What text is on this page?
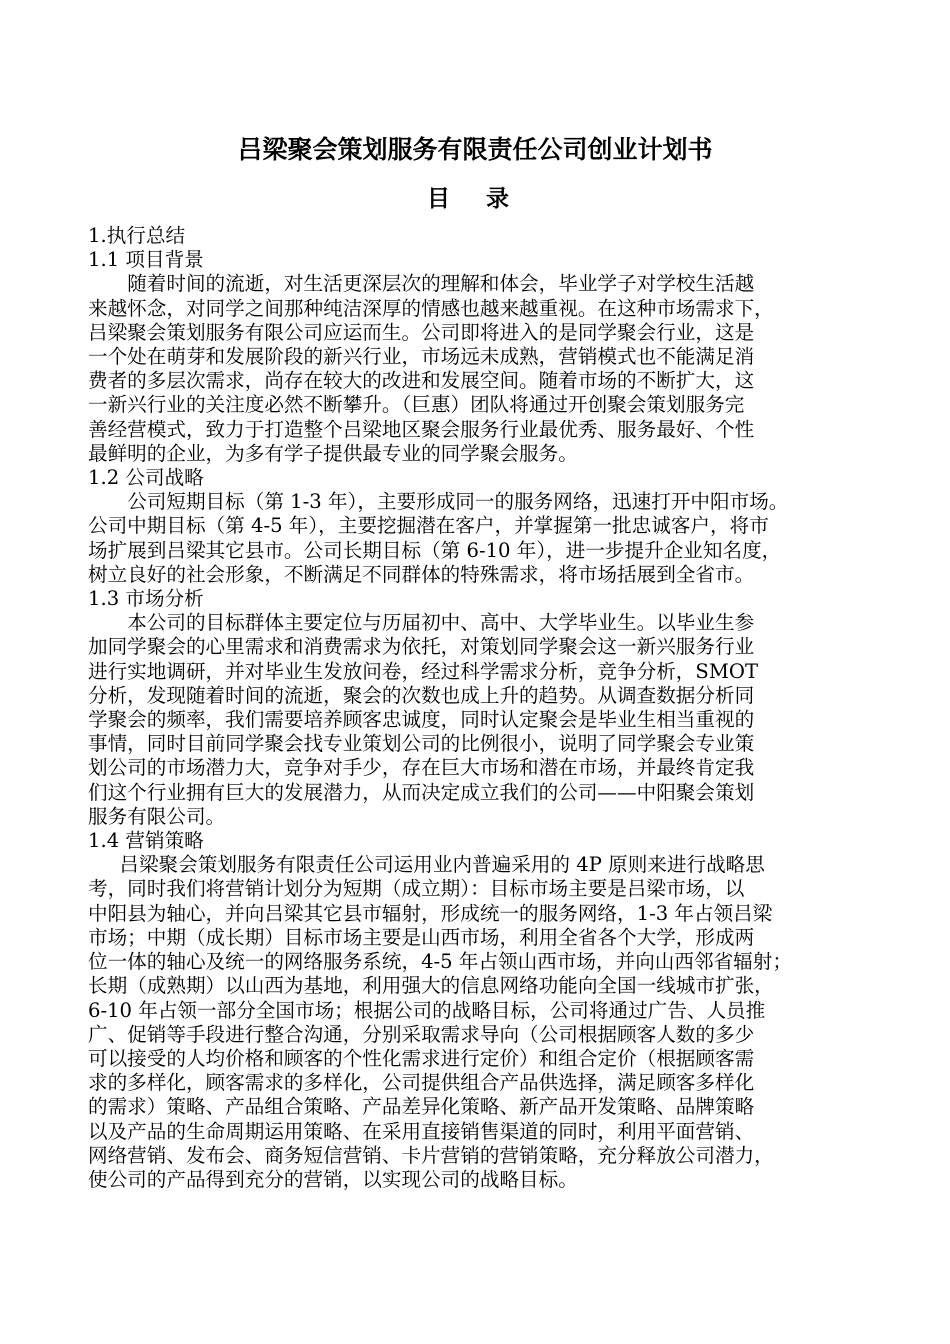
吕梁聚会策划服务有限责任公司创业计划书
目 录
1.执行总结
1.1 项目背景
随着时间的流逝，对生活更深层次的理解和体会，毕业学子对学校生活越
来越怀念，对同学之间那种纯洁深厚的情感也越来越重视。在这种市场需求下，
吕梁聚会策划服务有限公司应运而生。公司即将进入的是同学聚会行业，这是
一个处在萌芽和发展阶段的新兴行业，市场远未成熟，营销模式也不能满足消
费者的多层次需求，尚存在较大的改进和发展空间。随着市场的不断扩大，这
一新兴行业的关注度必然不断攀升。（巨惠）团队将通过开创聚会策划服务完
善经营模式，致力于打造整个吕梁地区聚会服务行业最优秀、服务最好、个性
最鲜明的企业，为多有学子提供最专业的同学聚会服务。
1.2 公司战略
公司短期目标（第 1-3 年），主要形成同一的服务网络，迅速打开中阳市场。
公司中期目标（第 4-5 年），主要挖掘潜在客户，并掌握第一批忠诚客户，将市
场扩展到吕梁其它县市。公司长期目标（第 6-10 年），进一步提升企业知名度，
树立良好的社会形象，不断满足不同群体的特殊需求，将市场括展到全省市。
1.3 市场分析
本公司的目标群体主要定位与历届初中、高中、大学毕业生。以毕业生参
加同学聚会的心里需求和消费需求为依托，对策划同学聚会这一新兴服务行业
进行实地调研，并对毕业生发放问卷，经过科学需求分析，竞争分析，SMOT
分析，发现随着时间的流逝，聚会的次数也成上升的趋势。从调查数据分析同
学聚会的频率，我们需要培养顾客忠诚度，同时认定聚会是毕业生相当重视的
事情，同时目前同学聚会找专业策划公司的比例很小，说明了同学聚会专业策
划公司的市场潜力大，竞争对手少，存在巨大市场和潜在市场，并最终肯定我
们这个行业拥有巨大的发展潜力，从而决定成立我们的公司——中阳聚会策划
服务有限公司。
1.4 营销策略
吕梁聚会策划服务有限责任公司运用业内普遍采用的 4P 原则来进行战略思
考，同时我们将营销计划分为短期（成立期）：目标市场主要是吕梁市场，以
中阳县为轴心，并向吕梁其它县市辐射，形成统一的服务网络，1-3 年占领吕梁
市场；中期（成长期）目标市场主要是山西市场，利用全省各个大学，形成两
位一体的轴心及统一的网络服务系统，4-5 年占领山西市场，并向山西邻省辐射；
长期（成熟期）以山西为基地，利用强大的信息网络功能向全国一线城市扩张，
6-10 年占领一部分全国市场；根据公司的战略目标，公司将通过广告、人员推
广、促销等手段进行整合沟通，分别采取需求导向（公司根据顾客人数的多少
可以接受的人均价格和顾客的个性化需求进行定价）和组合定价（根据顾客需
求的多样化，顾客需求的多样化，公司提供组合产品供选择，满足顾客多样化
的需求）策略、产品组合策略、产品差异化策略、新产品开发策略、品牌策略
以及产品的生命周期运用策略、在采用直接销售渠道的同时，利用平面营销、
网络营销、发布会、商务短信营销、卡片营销的营销策略，充分释放公司潜力，
使公司的产品得到充分的营销，以实现公司的战略目标。
